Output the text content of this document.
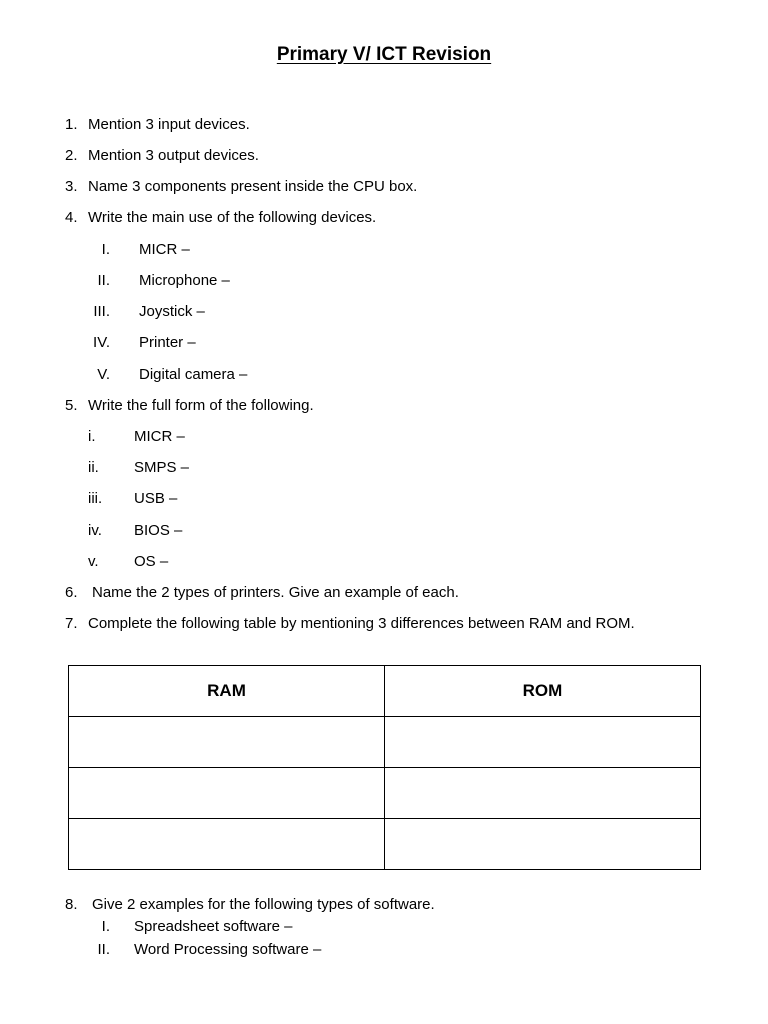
Primary V/ ICT Revision
1. Mention 3 input devices.
2. Mention 3 output devices.
3. Name 3 components present inside the CPU box.
4. Write the main use of the following devices.
I. MICR –
II. Microphone –
III. Joystick –
IV. Printer –
V. Digital camera –
5. Write the full form of the following.
i.	MICR –
ii. SMPS –
iii. USB –
iv. BIOS –
v. OS –
6. Name the 2 types of printers. Give an example of each.
7. Complete the following table by mentioning 3 differences between RAM and ROM.
RAM	ROM

8. Give 2 examples for the following types of software.
I. Spreadsheet software –
II. Word Processing software –
